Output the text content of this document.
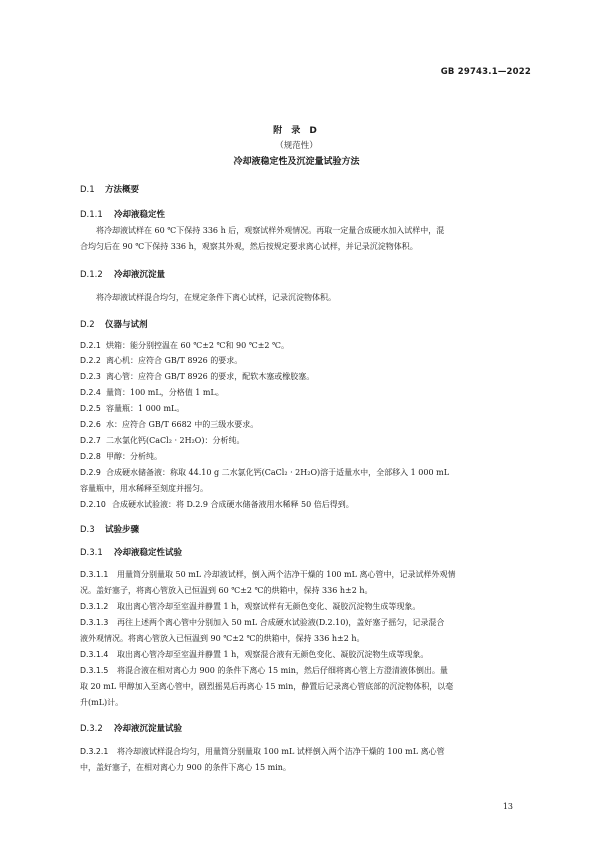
GB 29743.1—2022
附 录 D
（规范性）
冷却液稳定性及沉淀量试验方法
D.1 方法概要
D.1.1 冷却液稳定性
将冷却液试样在 60 ℃下保持 336 h 后，观察试样外观情况。再取一定量合成硬水加入试样中，混
合均匀后在 90 ℃下保持 336 h，观察其外观，然后按规定要求离心试样，并记录沉淀物体积。
D.1.2 冷却液沉淀量
将冷却液试样混合均匀，在规定条件下离心试样，记录沉淀物体积。
D.2 仪器与试剂
D.2.1 烘箱：能分别控温在 60 ℃±2 ℃和 90 ℃±2 ℃。
D.2.2 离心机：应符合 GB/T 8926 的要求。
D.2.3 离心管：应符合 GB/T 8926 的要求，配软木塞或橡胶塞。
D.2.4 量筒：100 mL，分格值 1 mL。
D.2.5 容量瓶：1 000 mL。
D.2.6 水：应符合 GB/T 6682 中的三级水要求。
D.2.7 二水氯化钙(CaCl₂ · 2H₂O)：分析纯。
D.2.8 甲醇：分析纯。
D.2.9 合成硬水储备液：称取 44.10 g 二水氯化钙(CaCl₂ · 2H₂O)溶于适量水中，全部移入 1 000 mL
容量瓶中，用水稀释至刻度并摇匀。
D.2.10 合成硬水试验液：将 D.2.9 合成硬水储备液用水稀释 50 倍后得到。
D.3 试验步骤
D.3.1 冷却液稳定性试验
D.3.1.1 用量筒分别量取 50 mL 冷却液试样，倒入两个洁净干燥的 100 mL 离心管中，记录试样外观情
况。盖好塞子，将离心管放入已恒温到 60 ℃±2 ℃的烘箱中，保持 336 h±2 h。
D.3.1.2 取出离心管冷却至室温并静置 1 h，观察试样有无颜色变化、凝胶沉淀物生成等现象。
D.3.1.3 再往上述两个离心管中分别加入 50 mL 合成硬水试验液(D.2.10)，盖好塞子摇匀，记录混合
液外观情况。将离心管放入已恒温到 90 ℃±2 ℃的烘箱中，保持 336 h±2 h。
D.3.1.4 取出离心管冷却至室温并静置 1 h，观察混合液有无颜色变化、凝胶沉淀物生成等现象。
D.3.1.5 将混合液在相对离心力 900 的条件下离心 15 min，然后仔细将离心管上方澄清液体倒出。量
取 20 mL 甲醇加入至离心管中，剧烈摇晃后再离心 15 min，静置后记录离心管底部的沉淀物体积，以毫
升(mL)计。
D.3.2 冷却液沉淀量试验
D.3.2.1 将冷却液试样混合均匀，用量筒分别量取 100 mL 试样倒入两个洁净干燥的 100 mL 离心管
中，盖好塞子，在相对离心力 900 的条件下离心 15 min。
13
